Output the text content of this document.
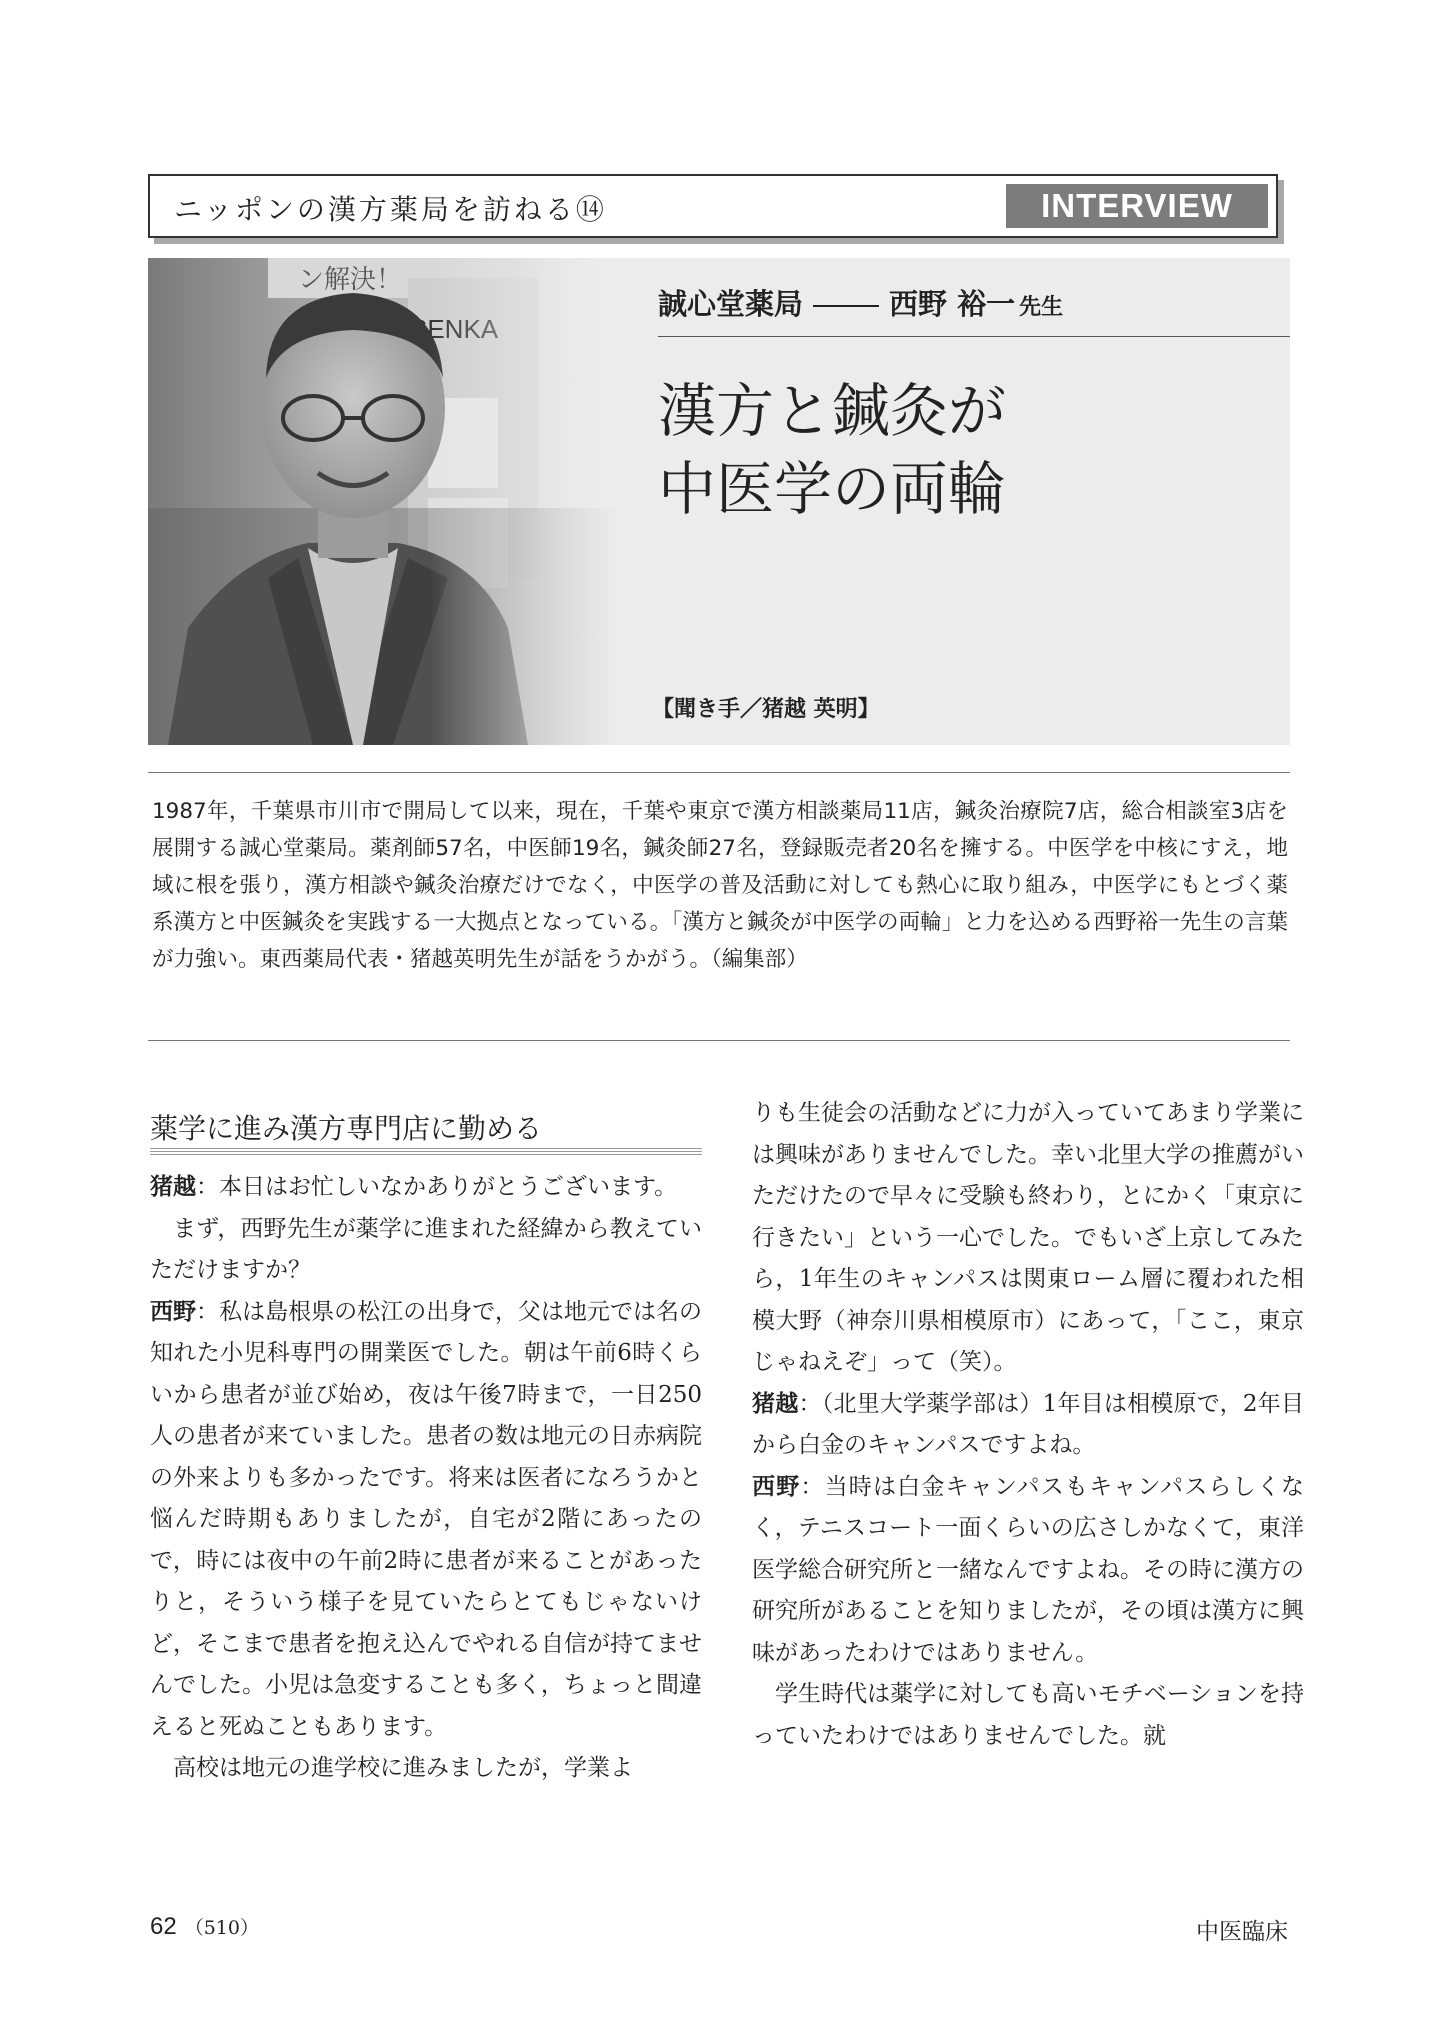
ニッポンの漢方薬局を訪ねる⑭	INTERVIEW
誠心堂薬局	西野 裕一 先生
漢方と鍼灸が
中医学の両輪
【聞き手／猪越 英明】
1987年，千葉県市川市で開局して以来，現在，千葉や東京で漢方相談薬局11店，鍼灸治療院7店，総合相談室3店を展開する誠心堂薬局。薬剤師57名，中医師19名，鍼灸師27名，登録販売者20名を擁する。中医学を中核にすえ，地域に根を張り，漢方相談や鍼灸治療だけでなく，中医学の普及活動に対しても熱心に取り組み，中医学にもとづく薬系漢方と中医鍼灸を実践する一大拠点となっている。「漢方と鍼灸が中医学の両輪」と力を込める西野裕一先生の言葉が力強い。東西薬局代表・猪越英明先生が話をうかがう。（編集部）
薬学に進み漢方専門店に勤める

猪越：本日はお忙しいなかありがとうございます。

まず，西野先生が薬学に進まれた経緯から教えていただけますか？

西野：私は島根県の松江の出身で，父は地元では名の知れた小児科専門の開業医でした。朝は午前6時くらいから患者が並び始め，夜は午後7時まで，一日250人の患者が来ていました。患者の数は地元の日赤病院の外来よりも多かったです。将来は医者になろうかと悩んだ時期もありましたが，自宅が2階にあったので，時には夜中の午前2時に患者が来ることがあったりと，そういう様子を見ていたらとてもじゃないけど，そこまで患者を抱え込んでやれる自信が持てませんでした。小児は急変することも多く，ちょっと間違えると死ぬこともあります。

高校は地元の進学校に進みましたが，学業よ

りも生徒会の活動などに力が入っていてあまり学業には興味がありませんでした。幸い北里大学の推薦がいただけたので早々に受験も終わり，とにかく「東京に行きたい」という一心でした。でもいざ上京してみたら，1年生のキャンパスは関東ローム層に覆われた相模大野（神奈川県相模原市）にあって，「ここ，東京じゃねえぞ」って（笑）。

猪越：（北里大学薬学部は）1年目は相模原で，2年目から白金のキャンパスですよね。

西野：当時は白金キャンパスもキャンパスらしくなく，テニスコート一面くらいの広さしかなくて，東洋医学総合研究所と一緒なんですよね。その時に漢方の研究所があることを知りましたが，その頃は漢方に興味があったわけではありません。

学生時代は薬学に対しても高いモチベーションを持っていたわけではありませんでした。就

62 （510）	中医臨床
